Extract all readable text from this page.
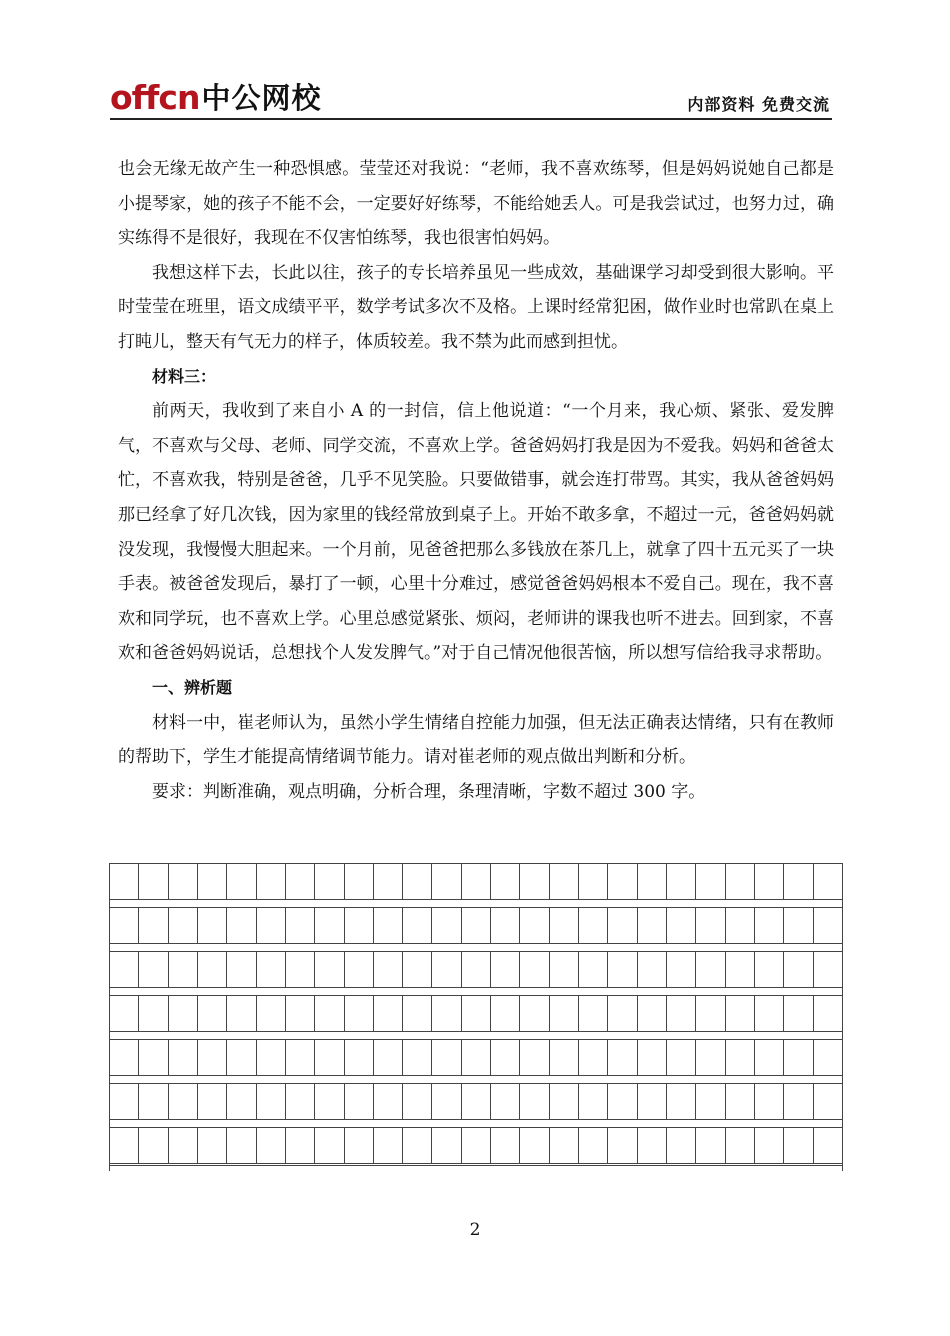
offcn 中公网校	内部资料 免费交流

也会无缘无故产生一种恐惧感。莹莹还对我说：“老师，我不喜欢练琴，但是妈妈说她自己都是小提琴家，她的孩子不能不会，一定要好好练琴，不能给她丢人。可是我尝试过，也努力过，确实练得不是很好，我现在不仅害怕练琴，我也很害怕妈妈。

我想这样下去，长此以往，孩子的专长培养虽见一些成效，基础课学习却受到很大影响。平时莹莹在班里，语文成绩平平，数学考试多次不及格。上课时经常犯困，做作业时也常趴在桌上打盹儿，整天有气无力的样子，体质较差。我不禁为此而感到担忧。

材料三：

前两天，我收到了来自小 A 的一封信，信上他说道：“一个月来，我心烦、紧张、爱发脾气，不喜欢与父母、老师、同学交流，不喜欢上学。爸爸妈妈打我是因为不爱我。妈妈和爸爸太忙，不喜欢我，特别是爸爸，几乎不见笑脸。只要做错事，就会连打带骂。其实，我从爸爸妈妈那已经拿了好几次钱，因为家里的钱经常放到桌子上。开始不敢多拿，不超过一元，爸爸妈妈就没发现，我慢慢大胆起来。一个月前，见爸爸把那么多钱放在茶几上，就拿了四十五元买了一块手表。被爸爸发现后，暴打了一顿，心里十分难过，感觉爸爸妈妈根本不爱自己。现在，我不喜欢和同学玩，也不喜欢上学。心里总感觉紧张、烦闷，老师讲的课我也听不进去。回到家，不喜欢和爸爸妈妈说话，总想找个人发发脾气。”对于自己情况他很苦恼，所以想写信给我寻求帮助。

一、辨析题

材料一中，崔老师认为，虽然小学生情绪自控能力加强，但无法正确表达情绪，只有在教师的帮助下，学生才能提高情绪调节能力。请对崔老师的观点做出判断和分析。

要求：判断准确，观点明确，分析合理，条理清晰，字数不超过 300 字。

2
